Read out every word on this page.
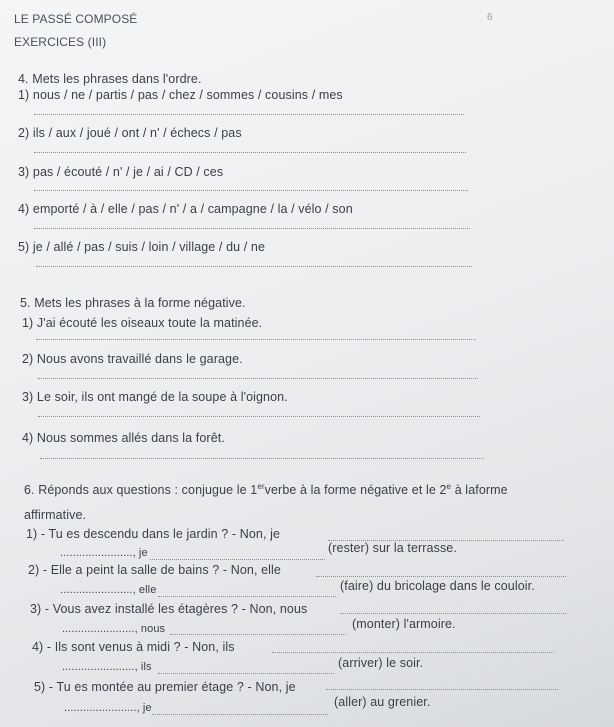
6
LE PASSÉ COMPOSÉ
EXERCICES (III)
4. Mets les phrases dans l'ordre.
1) nous / ne / partis / pas / chez / sommes / cousins / mes
2) ils / aux / joué / ont / n' / échecs / pas
3) pas / écouté / n' / je / ai / CD / ces
4) emporté / à / elle / pas / n' / a / campagne / la / vélo / son
5) je / allé / pas / suis / loin / village / du / ne
5. Mets les phrases à la forme négative.
1) J'ai écouté les oiseaux toute la matinée.
2) Nous avons travaillé dans le garage.
3) Le soir, ils ont mangé de la soupe à l'oignon.
4) Nous sommes allés dans la forêt.
6. Réponds aux questions : conjugue le 1erverbe à la forme négative et le 2e à laforme
affirmative.
1) - Tu es descendu dans le jardin ? - Non, je
......................., je	(rester) sur la terrasse.
2) - Elle a peint la salle de bains ? - Non, elle
......................., elle	(faire) du bricolage dans le couloir.
3) - Vous avez installé les étagères ? - Non, nous
......................., nous	(monter) l'armoire.
4) - Ils sont venus à midi ? - Non, ils
......................., ils	(arriver) le soir.
5) - Tu es montée au premier étage ? - Non, je
......................., je	(aller) au grenier.
